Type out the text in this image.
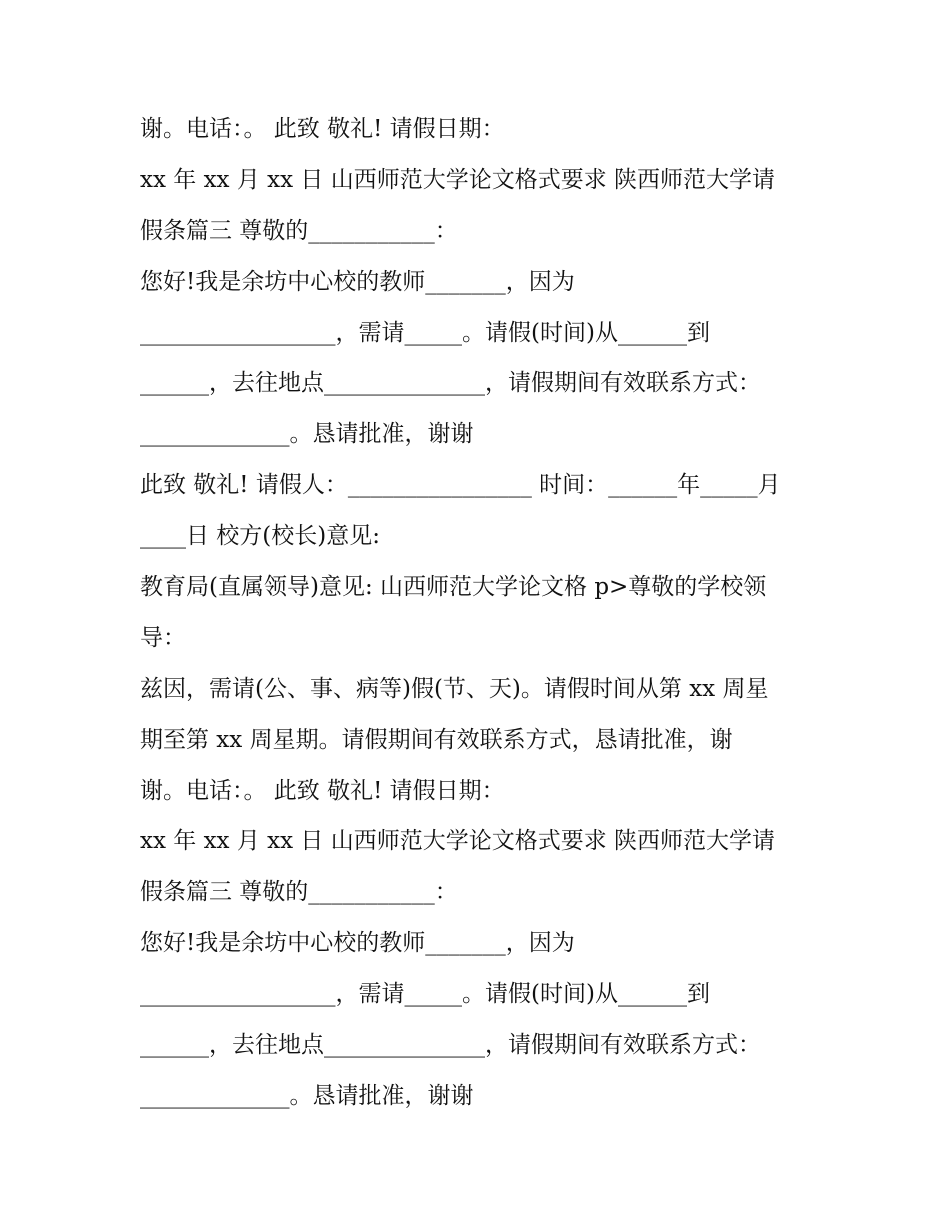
谢。电话：。 此致 敬礼! 请假日期：
xx 年 xx 月 xx 日 山西师范大学论文格式要求 陕西师范大学请
假条篇三 尊敬的___________：
您好!我是余坊中心校的教师_______，因为
_________________，需请_____。请假(时间)从______到
______，去往地点______________，请假期间有效联系方式：
_____________。恳请批准，谢谢
此致 敬礼! 请假人：________________ 时间：______年_____月
____日 校方(校长)意见:
教育局(直属领导)意见: 山西师范大学论文格 p>尊敬的学校领
导：
兹因，需请(公、事、病等)假(节、天)。请假时间从第 xx 周星
期至第 xx 周星期。请假期间有效联系方式，恳请批准，谢
谢。电话：。 此致 敬礼! 请假日期：
xx 年 xx 月 xx 日 山西师范大学论文格式要求 陕西师范大学请
假条篇三 尊敬的___________：
您好!我是余坊中心校的教师_______，因为
_________________，需请_____。请假(时间)从______到
______，去往地点______________，请假期间有效联系方式：
_____________。恳请批准，谢谢
